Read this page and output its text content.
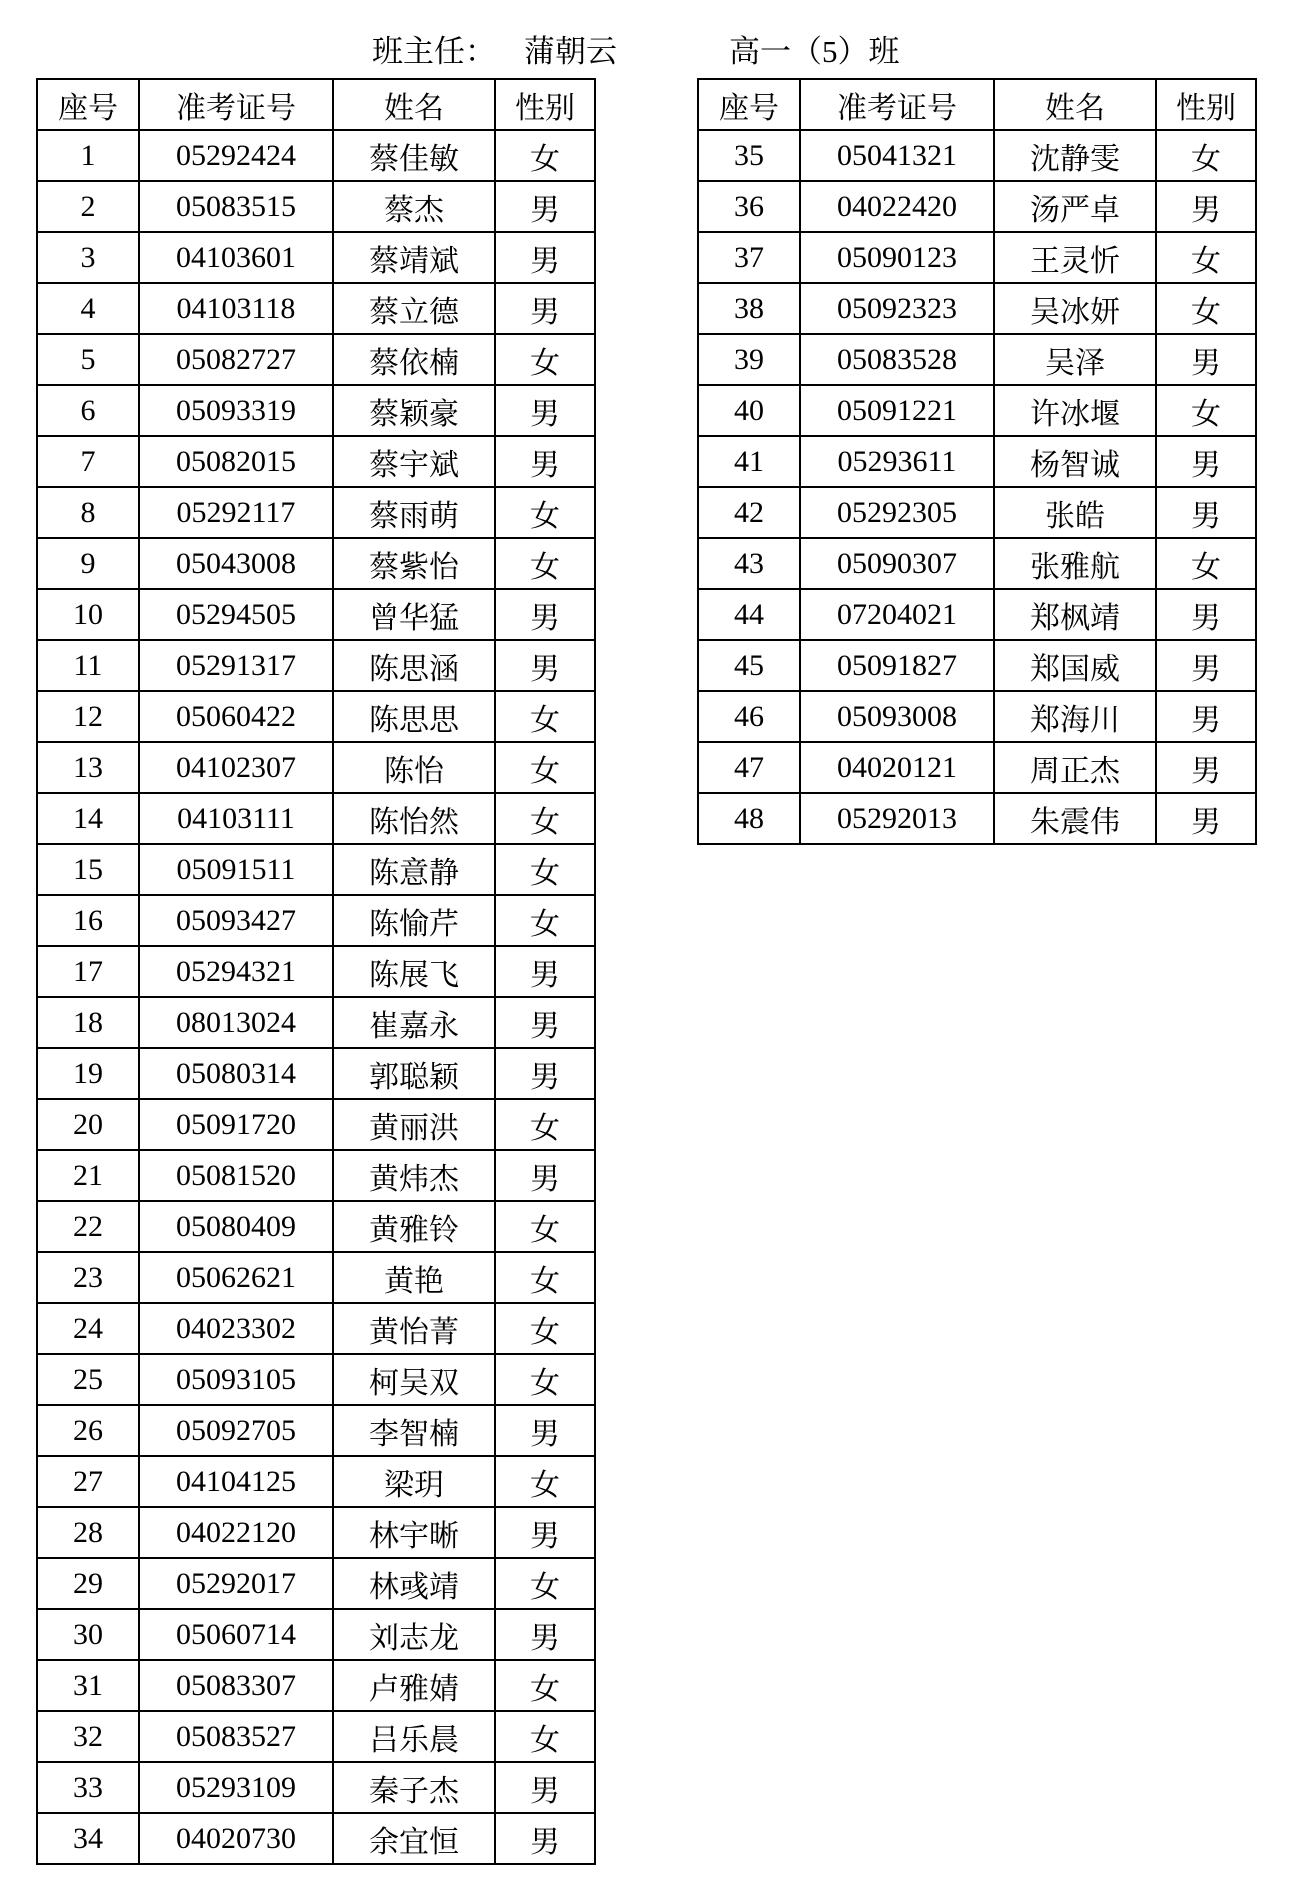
班主任： 蒲朝云	高一（5）班
座号	准考证号	姓名	性别
1	05292424	蔡佳敏	女
2	05083515	蔡杰	男
3	04103601	蔡靖斌	男
4	04103118	蔡立德	男
5	05082727	蔡依楠	女
6	05093319	蔡颖豪	男
7	05082015	蔡宇斌	男
8	05292117	蔡雨萌	女
9	05043008	蔡紫怡	女
10	05294505	曾华猛	男
11	05291317	陈思涵	男
12	05060422	陈思思	女
13	04102307	陈怡	女
14	04103111	陈怡然	女
15	05091511	陈意静	女
16	05093427	陈愉芹	女
17	05294321	陈展飞	男
18	08013024	崔嘉永	男
19	05080314	郭聪颖	男
20	05091720	黄丽洪	女
21	05081520	黄炜杰	男
22	05080409	黄雅铃	女
23	05062621	黄艳	女
24	04023302	黄怡菁	女
25	05093105	柯吴双	女
26	05092705	李智楠	男
27	04104125	梁玥	女
28	04022120	林宇晰	男
29	05292017	林彧靖	女
30	05060714	刘志龙	男
31	05083307	卢雅婧	女
32	05083527	吕乐晨	女
33	05293109	秦子杰	男
34	04020730	余宜恒	男
座号	准考证号	姓名	性别
35	05041321	沈静雯	女
36	04022420	汤严卓	男
37	05090123	王灵忻	女
38	05092323	吴冰妍	女
39	05083528	吴泽	男
40	05091221	许冰堰	女
41	05293611	杨智诚	男
42	05292305	张皓	男
43	05090307	张雅航	女
44	07204021	郑枫靖	男
45	05091827	郑国威	男
46	05093008	郑海川	男
47	04020121	周正杰	男
48	05292013	朱震伟	男
